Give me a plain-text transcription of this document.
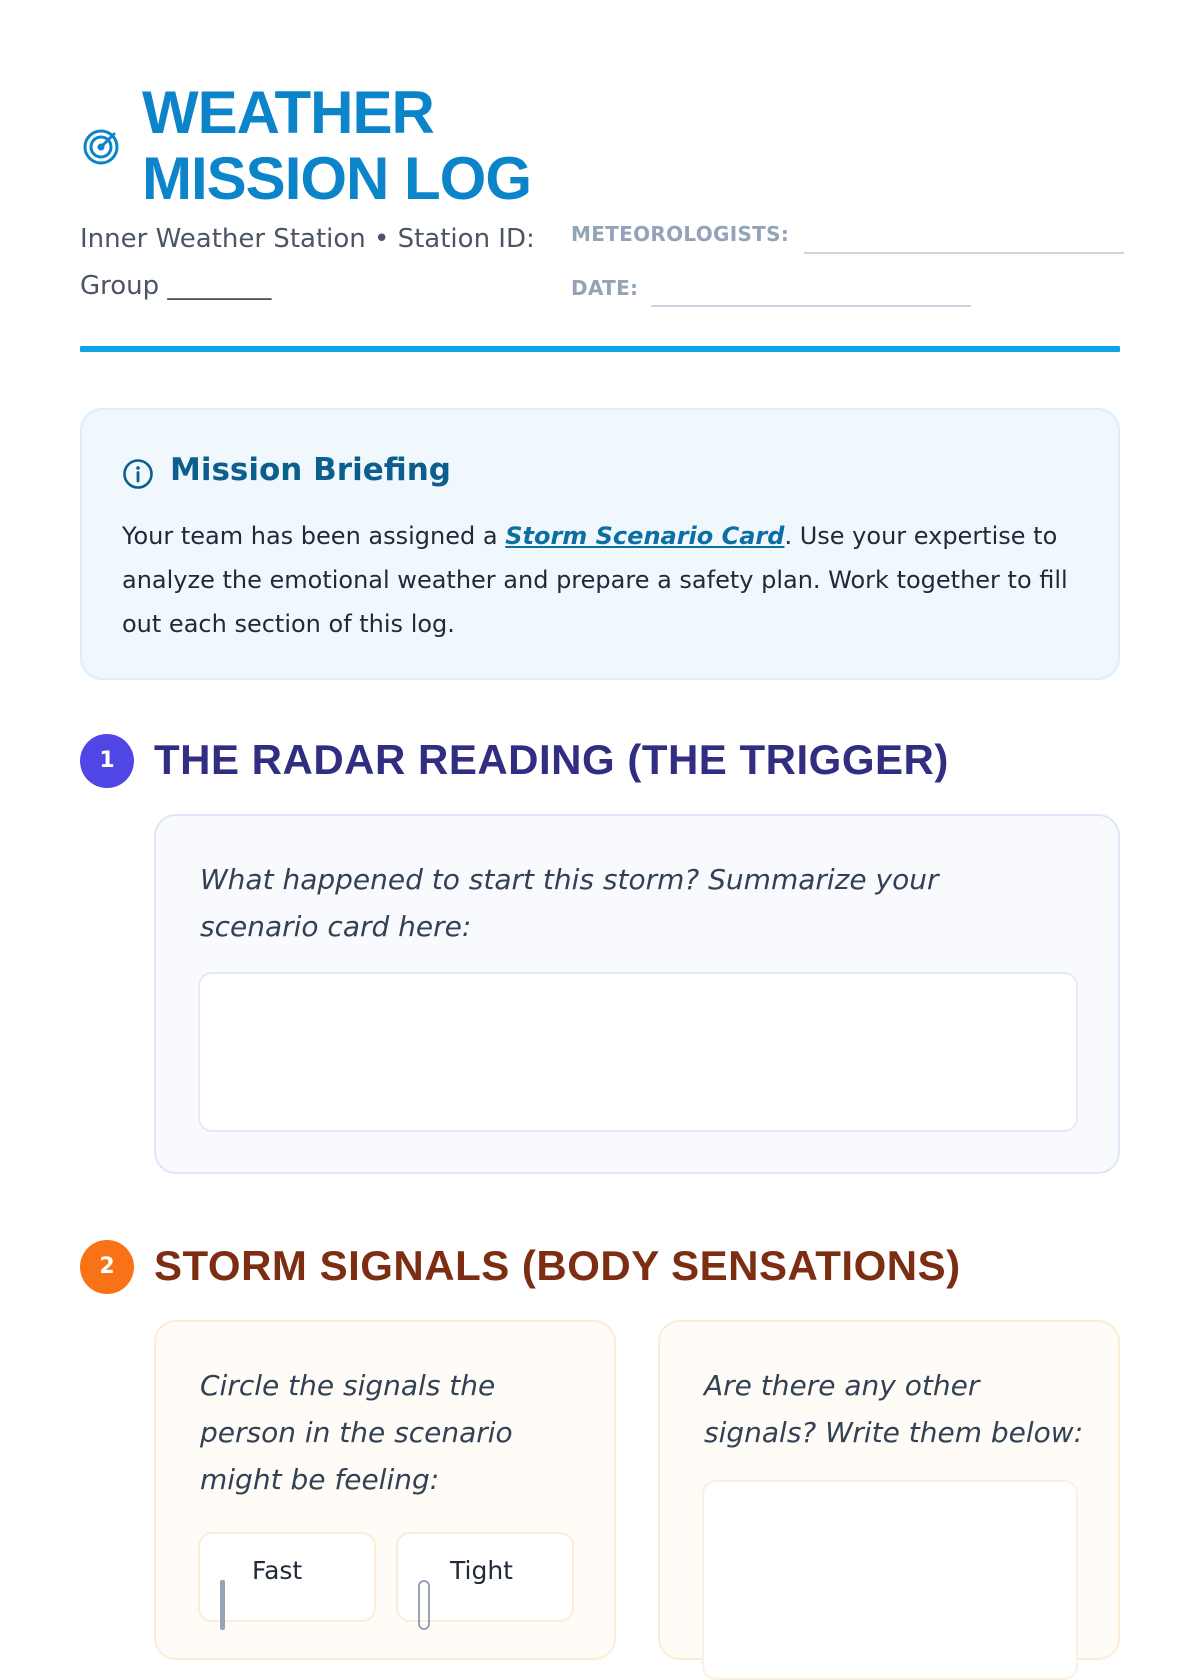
WEATHER
MISSION LOG
Inner Weather Station • Station ID: Group ________
METEOROLOGISTS:
DATE:
Mission Briefing

Your team has been assigned a Storm Scenario Card. Use your expertise to analyze the emotional weather and prepare a safety plan. Work together to fill out each section of this log.

1 THE RADAR READING (THE TRIGGER)

What happened to start this storm? Summarize your scenario card here:

2 STORM SIGNALS (BODY SENSATIONS)

Circle the signals the person in the scenario might be feeling:

Fast	Tight

Are there any other signals? Write them below:
